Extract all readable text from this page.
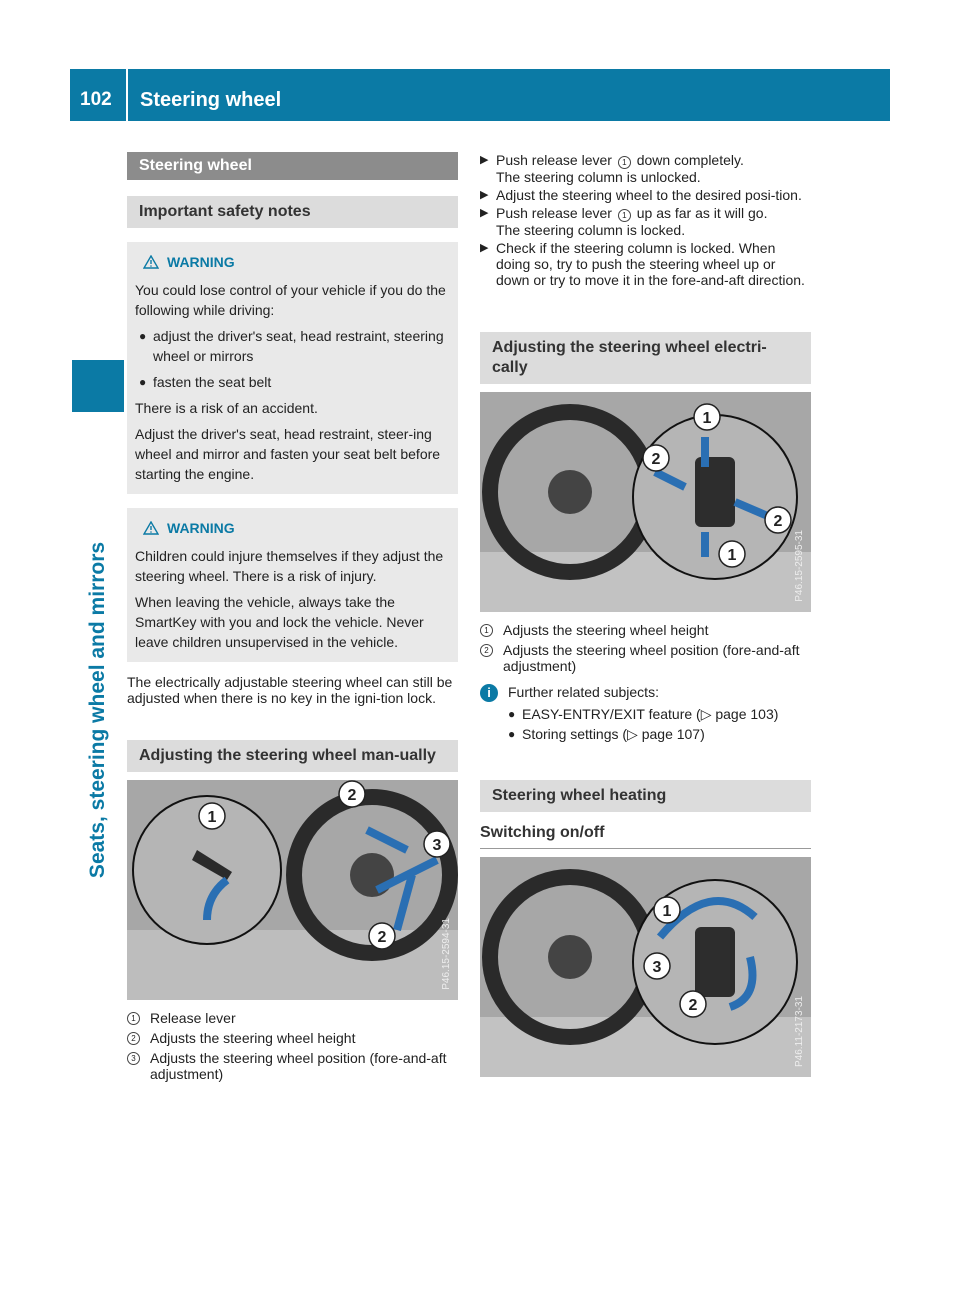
102 Steering wheel
Seats, steering wheel and mirrors
Steering wheel
Important safety notes
WARNING

You could lose control of your vehicle if you do the following while driving:

● adjust the driver's seat, head restraint, steering wheel or mirrors
● fasten the seat belt

There is a risk of an accident.

Adjust the driver's seat, head restraint, steer-ing wheel and mirror and fasten your seat belt before starting the engine.

WARNING

Children could injure themselves if they adjust the steering wheel. There is a risk of injury.

When leaving the vehicle, always take the SmartKey with you and lock the vehicle. Never leave children unsupervised in the vehicle.

The electrically adjustable steering wheel can still be adjusted when there is no key in the igni-tion lock.

Adjusting the steering wheel man-ually
1
2
3
2	P46.15-2594-31
1	Release lever
2	Adjusts the steering wheel height
3	Adjusts the steering wheel position (fore-and-aft adjustment)
▶ Push release lever 1 down completely.
The steering column is unlocked.
▶ Adjust the steering wheel to the desired posi-tion.
▶ Push release lever 1 up as far as it will go.
The steering column is locked.
▶ Check if the steering column is locked. When doing so, try to push the steering wheel up or down or try to move it in the fore-and-aft direction.
Adjusting the steering wheel electri-cally
1
2
2
1	P46.15-2595-31
1	Adjusts the steering wheel height
2	Adjusts the steering wheel position (fore-and-aft adjustment)
i	Further related subjects:
● EASY-ENTRY/EXIT feature (▷ page 103)
● Storing settings (▷ page 107)
Steering wheel heating
Switching on/off
1
3
2	P46.11-2173-31
